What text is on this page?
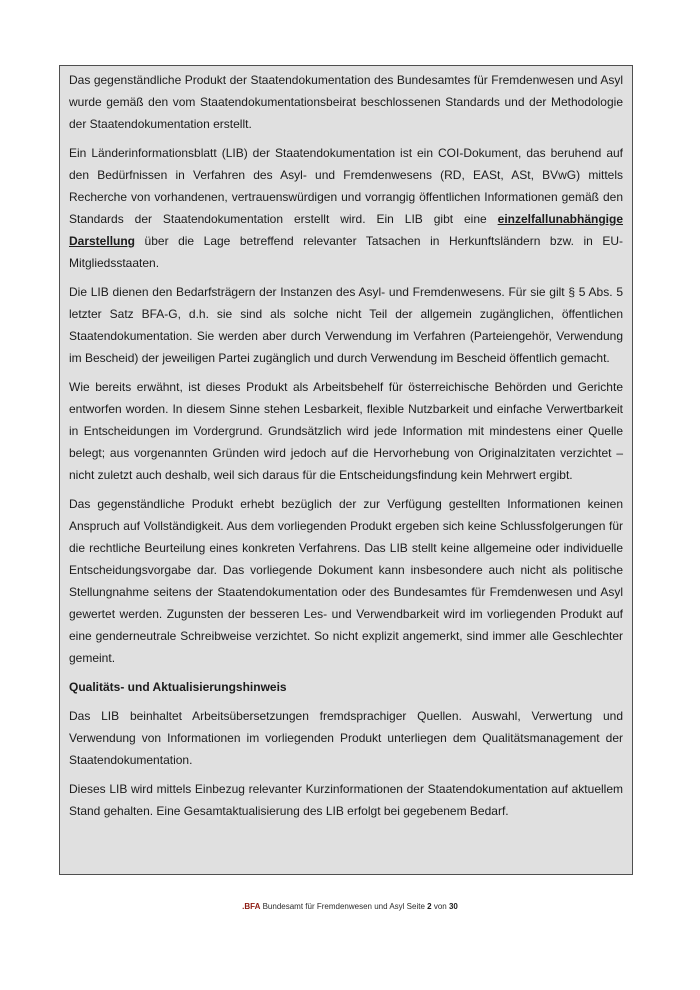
Das gegenständliche Produkt der Staatendokumentation des Bundesamtes für Fremdenwesen und Asyl wurde gemäß den vom Staatendokumentationsbeirat beschlossenen Standards und der Methodologie der Staatendokumentation erstellt.

Ein Länderinformationsblatt (LIB) der Staatendokumentation ist ein COI-Dokument, das beruhend auf den Bedürfnissen in Verfahren des Asyl- und Fremdenwesens (RD, EASt, ASt, BVwG) mittels Recherche von vorhandenen, vertrauenswürdigen und vorrangig öffentlichen Informationen gemäß den Standards der Staatendokumentation erstellt wird. Ein LIB gibt eine einzelfallunabhängige Darstellung über die Lage betreffend relevanter Tatsachen in Herkunftsländern bzw. in EU-Mitgliedsstaaten.

Die LIB dienen den Bedarfsträgern der Instanzen des Asyl- und Fremdenwesens. Für sie gilt § 5 Abs. 5 letzter Satz BFA-G, d.h. sie sind als solche nicht Teil der allgemein zugänglichen, öffentlichen Staatendokumentation. Sie werden aber durch Verwendung im Verfahren (Parteiengehör, Verwendung im Bescheid) der jeweiligen Partei zugänglich und durch Verwendung im Bescheid öffentlich gemacht.

Wie bereits erwähnt, ist dieses Produkt als Arbeitsbehelf für österreichische Behörden und Gerichte entworfen worden. In diesem Sinne stehen Lesbarkeit, flexible Nutzbarkeit und einfache Verwertbarkeit in Entscheidungen im Vordergrund. Grundsätzlich wird jede Information mit mindestens einer Quelle belegt; aus vorgenannten Gründen wird jedoch auf die Hervorhebung von Originalzitaten verzichtet – nicht zuletzt auch deshalb, weil sich daraus für die Entscheidungsfindung kein Mehrwert ergibt.

Das gegenständliche Produkt erhebt bezüglich der zur Verfügung gestellten Informationen keinen Anspruch auf Vollständigkeit. Aus dem vorliegenden Produkt ergeben sich keine Schlussfolgerungen für die rechtliche Beurteilung eines konkreten Verfahrens. Das LIB stellt keine allgemeine oder individuelle Entscheidungsvorgabe dar. Das vorliegende Dokument kann insbesondere auch nicht als politische Stellungnahme seitens der Staatendokumentation oder des Bundesamtes für Fremdenwesen und Asyl gewertet werden. Zugunsten der besseren Les- und Verwendbarkeit wird im vorliegenden Produkt auf eine genderneutrale Schreibweise verzichtet. So nicht explizit angemerkt, sind immer alle Geschlechter gemeint.

Qualitäts- und Aktualisierungshinweis

Das LIB beinhaltet Arbeitsübersetzungen fremdsprachiger Quellen. Auswahl, Verwertung und Verwendung von Informationen im vorliegenden Produkt unterliegen dem Qualitätsmanagement der Staatendokumentation.

Dieses LIB wird mittels Einbezug relevanter Kurzinformationen der Staatendokumentation auf aktuellem Stand gehalten. Eine Gesamtaktualisierung des LIB erfolgt bei gegebenem Bedarf.

.BFA Bundesamt für Fremdenwesen und Asyl Seite 2 von 30
